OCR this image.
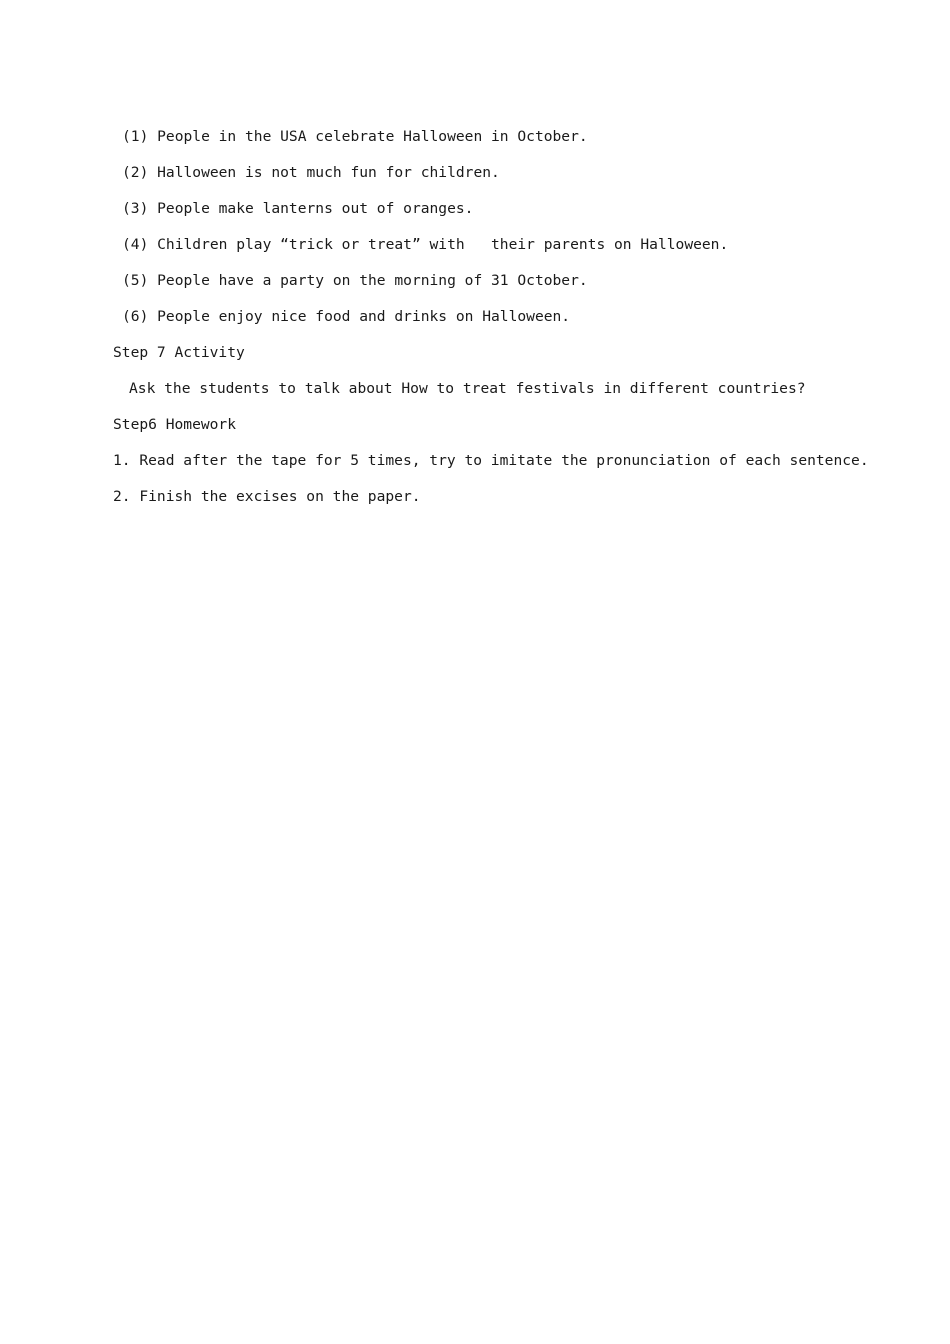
(1) People in the USA celebrate Halloween in October.
(2) Halloween is not much fun for children.
(3) People make lanterns out of oranges.
(4) Children play “trick or treat” with   their parents on Halloween.
(5) People have a party on the morning of 31 October.
(6) People enjoy nice food and drinks on Halloween.
Step 7 Activity
Ask the students to talk about How to treat festivals in different countries?
Step6 Homework
1. Read after the tape for 5 times, try to imitate the pronunciation of each sentence.
2. Finish the excises on the paper.
